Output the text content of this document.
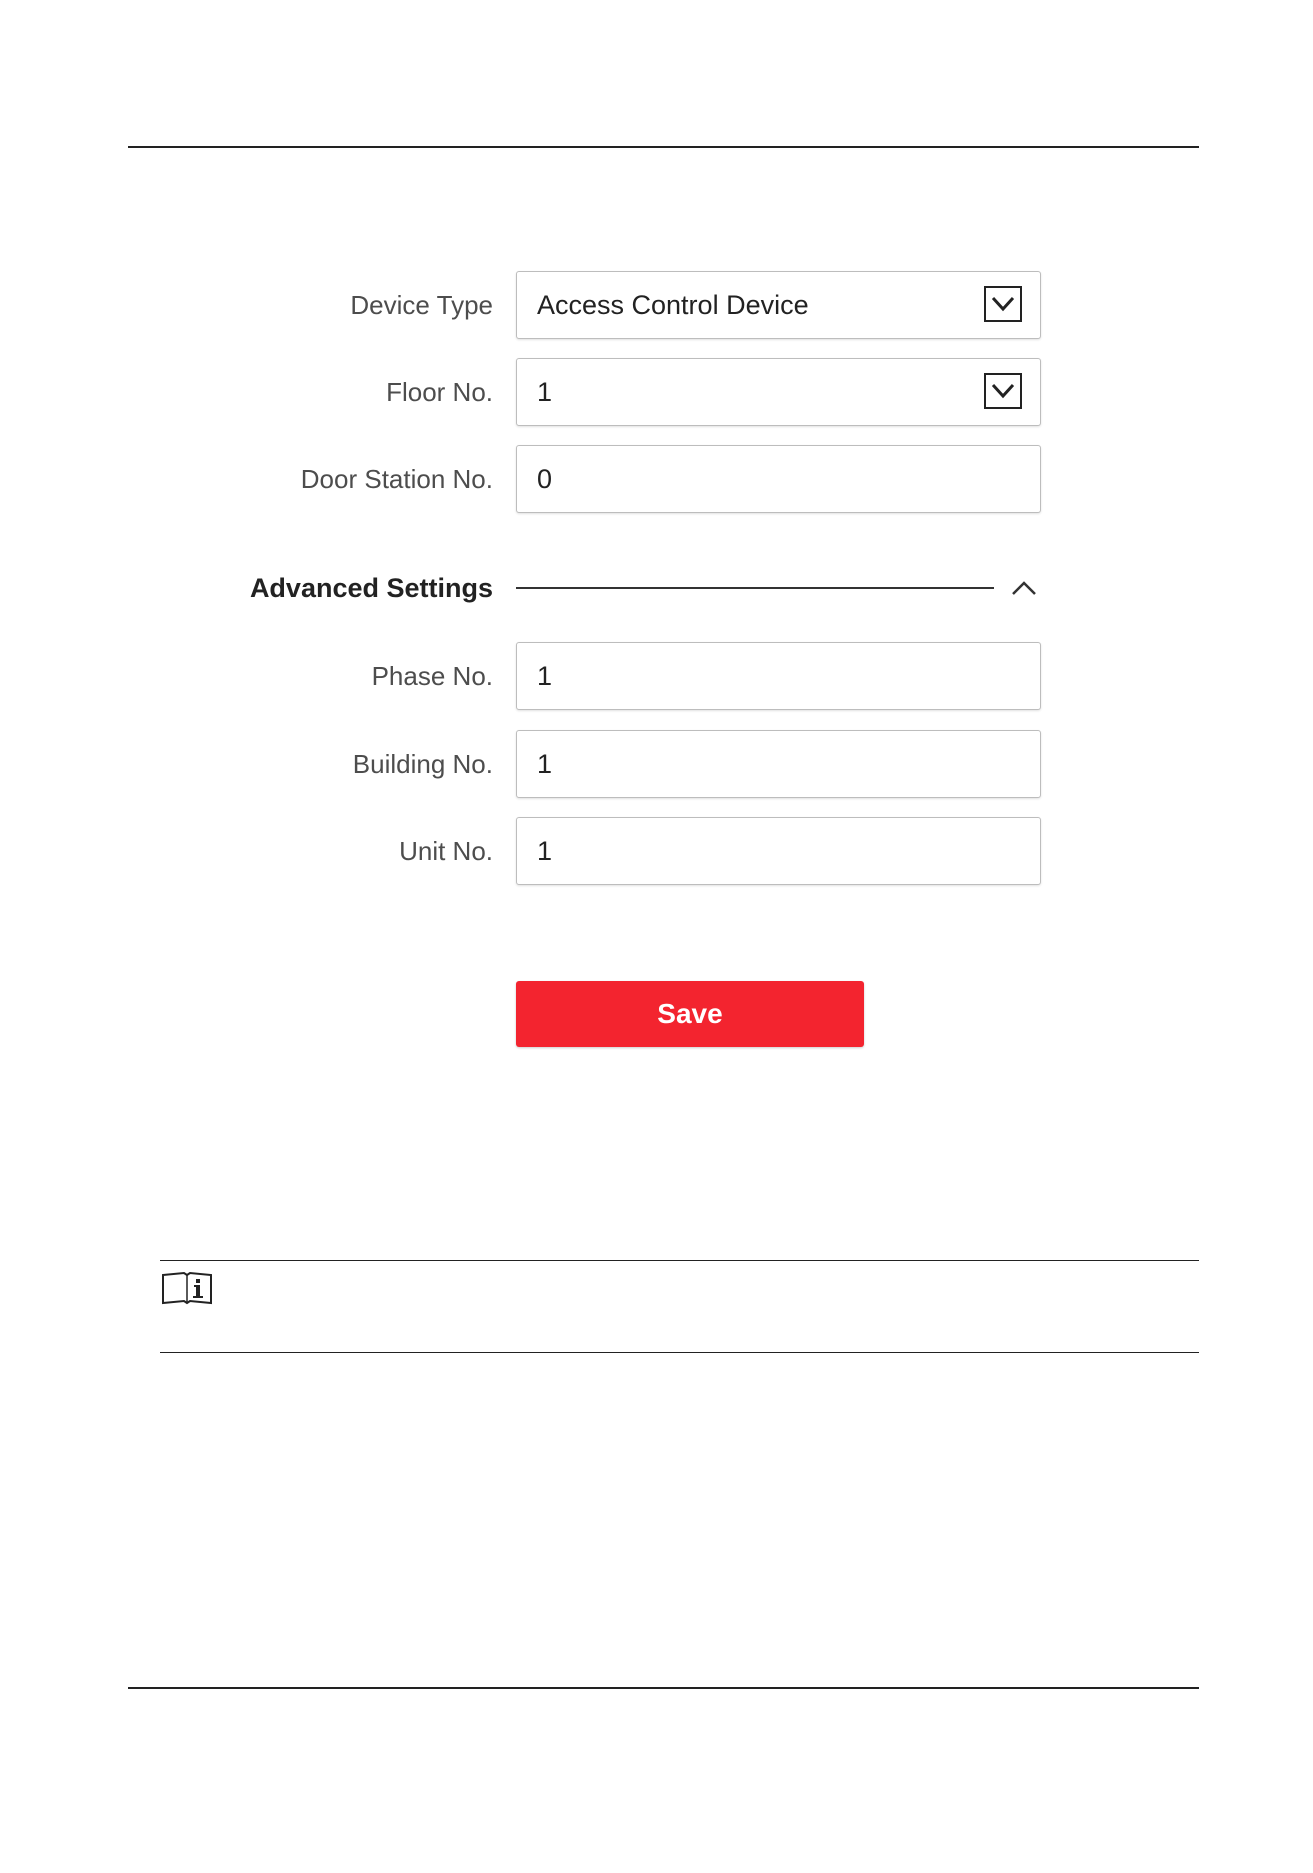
Device Type Access Control Device
Floor No. 1
Door Station No. 0
Advanced Settings
Phase No. 1
Building No. 1
Unit No. 1
Save
